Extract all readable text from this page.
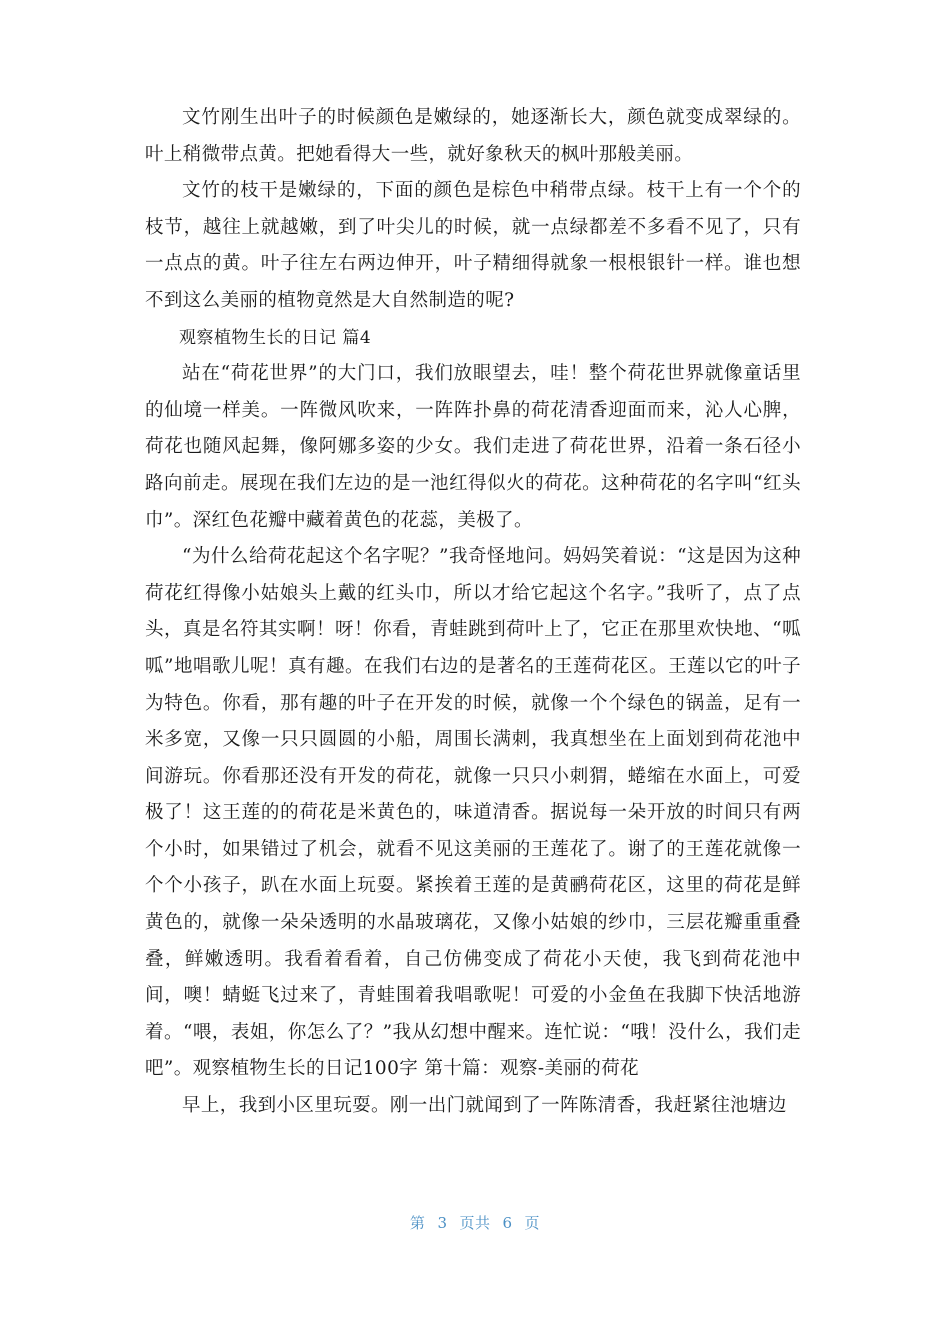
文竹刚生出叶子的时候颜色是嫩绿的，她逐渐长大，颜色就变成翠绿的。叶上稍微带点黄。把她看得大一些，就好象秋天的枫叶那般美丽。

文竹的枝干是嫩绿的，下面的颜色是棕色中稍带点绿。枝干上有一个个的枝节，越往上就越嫩，到了叶尖儿的时候，就一点绿都差不多看不见了，只有一点点的黄。叶子往左右两边伸开，叶子精细得就象一根根银针一样。谁也想不到这么美丽的植物竟然是大自然制造的呢?

观察植物生长的日记 篇4

站在“荷花世界”的大门口，我们放眼望去，哇！整个荷花世界就像童话里的仙境一样美。一阵微风吹来，一阵阵扑鼻的荷花清香迎面而来，沁人心脾，荷花也随风起舞，像阿娜多姿的少女。我们走进了荷花世界，沿着一条石径小路向前走。展现在我们左边的是一池红得似火的荷花。这种荷花的名字叫“红头巾”。深红色花瓣中藏着黄色的花蕊，美极了。

“为什么给荷花起这个名字呢？”我奇怪地问。妈妈笑着说：“这是因为这种荷花红得像小姑娘头上戴的红头巾，所以才给它起这个名字。”我听了，点了点头，真是名符其实啊！呀！你看，青蛙跳到荷叶上了，它正在那里欢快地、“呱呱”地唱歌儿呢！真有趣。在我们右边的是著名的王莲荷花区。王莲以它的叶子为特色。你看，那有趣的叶子在开发的时候，就像一个个绿色的锅盖，足有一米多宽，又像一只只圆圆的小船，周围长满刺，我真想坐在上面划到荷花池中间游玩。你看那还没有开发的荷花，就像一只只小刺猬，蜷缩在水面上，可爱极了！这王莲的的荷花是米黄色的，味道清香。据说每一朵开放的时间只有两个小时，如果错过了机会，就看不见这美丽的王莲花了。谢了的王莲花就像一个个小孩子，趴在水面上玩耍。紧挨着王莲的是黄鹂荷花区，这里的荷花是鲜黄色的，就像一朵朵透明的水晶玻璃花，又像小姑娘的纱巾，三层花瓣重重叠叠，鲜嫩透明。我看着看着，自己仿佛变成了荷花小天使，我飞到荷花池中间，噢！蜻蜓飞过来了，青蛙围着我唱歌呢！可爱的小金鱼在我脚下快活地游着。“喂，表姐，你怎么了？”我从幻想中醒来。连忙说：“哦！没什么，我们走吧”。观察植物生长的日记100字 第十篇：观察-美丽的荷花

早上，我到小区里玩耍。刚一出门就闻到了一阵陈清香，我赶紧往池塘边

第 3 页共 6 页
